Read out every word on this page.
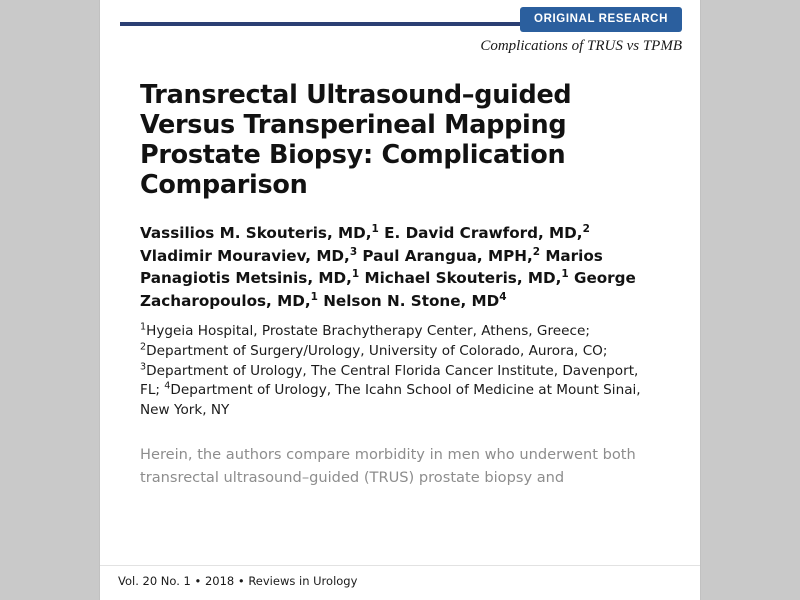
ORIGINAL RESEARCH
Complications of TRUS vs TPMB
Transrectal Ultrasound–guided Versus Transperineal Mapping Prostate Biopsy: Complication Comparison
Vassilios M. Skouteris, MD,$^1$ E. David Crawford, MD,$^2$ Vladimir Mouraviev, MD,$^3$ Paul Arangua, MPH,$^2$ Marios Panagiotis Metsinis, MD,$^1$ Michael Skouteris, MD,$^1$ George Zacharopoulos, MD,$^1$ Nelson N. Stone, $MD^4$
$^1$Hygeia Hospital, Prostate Brachytherapy Center, Athens, Greece; $^2$Department of Surgery/Urology, University of Colorado, Aurora, CO; $^3$Department of Urology, The Central Florida Cancer Institute, Davenport, FL; $^4$Department of Urology, The Icahn School of Medicine at Mount Sinai, New York, NY
Herein, the authors compare morbidity in men who underwent both transrectal ultrasound–guided (TRUS) prostate biopsy and
Vol. 20 No. 1 • 2018 • Reviews in Urology
